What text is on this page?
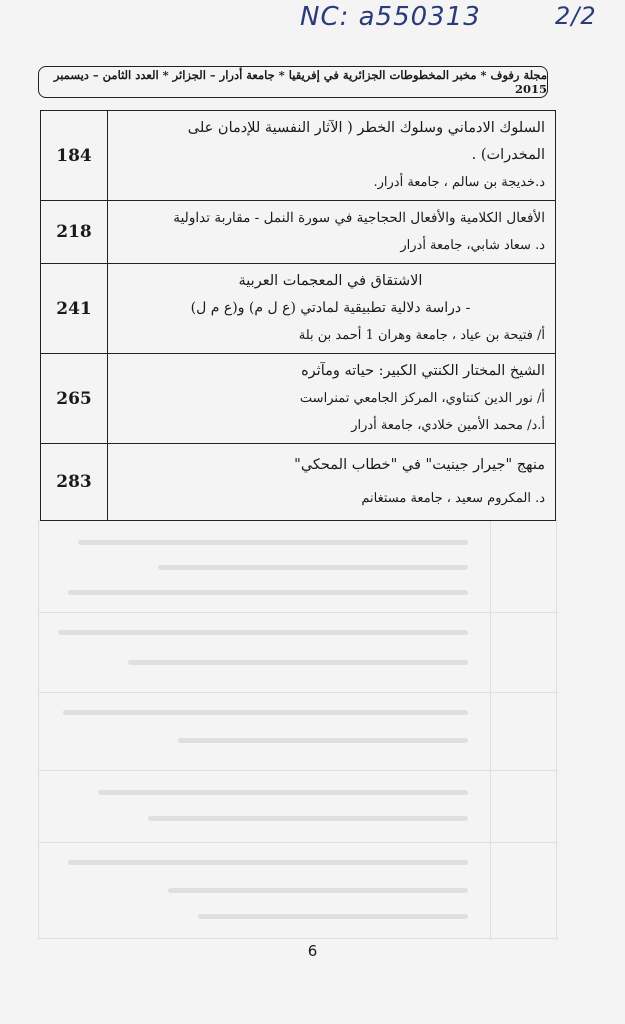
NC: a550313	2/2
مجلة رفوف * مخبر المخطوطات الجزائرية في إفريقيا * جامعة أدرار – الجزائر * العدد الثامن – ديسمبر 2015
السلوك الادماني وسلوك الخطر ( الآثار النفسية للإدمان على
المخدرات) .
د.خديجة بن سالم ، جامعة أدرار.	184

الأفعال الكلامية والأفعال الحجاجية في سورة النمل - مقاربة تداولية
د. سعاد شابي، جامعة أدرار	218

الاشتقاق في المعجمات العربية
- دراسة دلالية تطبيقية لمادتي (ع ل م) و(ع م ل)
أ/ فتيحة بن عياد ، جامعة وهران 1 أحمد بن بلة	241

الشيخ المختار الكنتي الكبير: حياته ومآثره
أ/ نور الدين كنتاوي، المركز الجامعي تمنراست
أ.د/ محمد الأمين خلادي، جامعة أدرار	265

منهج "جيرار جينيت" في "خطاب المحكي"
د. المكروم سعيد ، جامعة مستغانم	283
6
